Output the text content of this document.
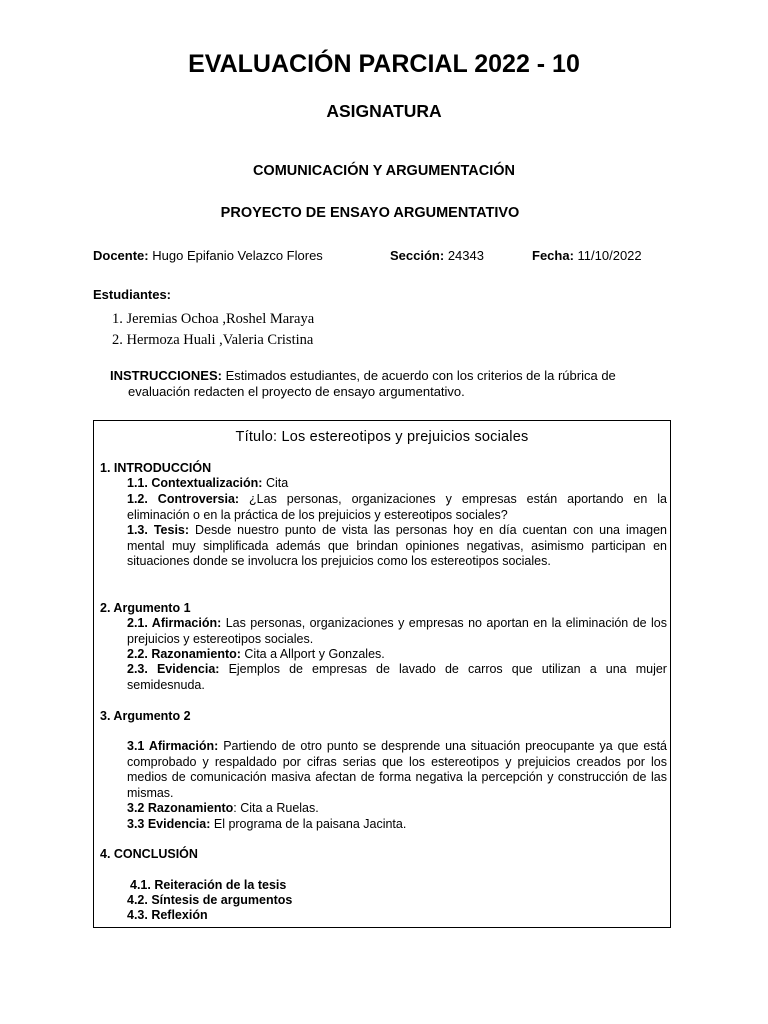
EVALUACIÓN PARCIAL 2022 - 10
ASIGNATURA
COMUNICACIÓN Y ARGUMENTACIÓN
PROYECTO DE ENSAYO ARGUMENTATIVO
Docente: Hugo Epifanio Velazco Flores	Sección: 24343	Fecha: 11/10/2022
Estudiantes:
1. Jeremias Ochoa ,Roshel Maraya
2. Hermoza Huali ,Valeria Cristina
INSTRUCCIONES: Estimados estudiantes, de acuerdo con los criterios de la rúbrica de
evaluación redacten el proyecto de ensayo argumentativo.
Título: Los estereotipos y prejuicios sociales
1. INTRODUCCIÓN
1.1. Contextualización: Cita
1.2. Controversia: ¿Las personas, organizaciones y empresas están aportando en la eliminación o en la práctica de los prejuicios y estereotipos sociales?
1.3. Tesis: Desde nuestro punto de vista las personas hoy en día cuentan con una imagen mental muy simplificada además que brindan opiniones negativas, asimismo participan en situaciones donde se involucra los prejuicios como los estereotipos sociales.
2. Argumento 1
2.1. Afirmación: Las personas, organizaciones y empresas no aportan en la eliminación de los prejuicios y estereotipos sociales.
2.2. Razonamiento: Cita a Allport y Gonzales.
2.3. Evidencia: Ejemplos de empresas de lavado de carros que utilizan a una mujer semidesnuda.
3. Argumento 2
3.1 Afirmación: Partiendo de otro punto se desprende una situación preocupante ya que está comprobado y respaldado por cifras serias que los estereotipos y prejuicios creados por los medios de comunicación masiva afectan de forma negativa la percepción y construcción de las mismas.
3.2 Razonamiento: Cita a Ruelas.
3.3 Evidencia: El programa de la paisana Jacinta.
4. CONCLUSIÓN
4.1. Reiteración de la tesis
4.2. Síntesis de argumentos
4.3. Reflexión
